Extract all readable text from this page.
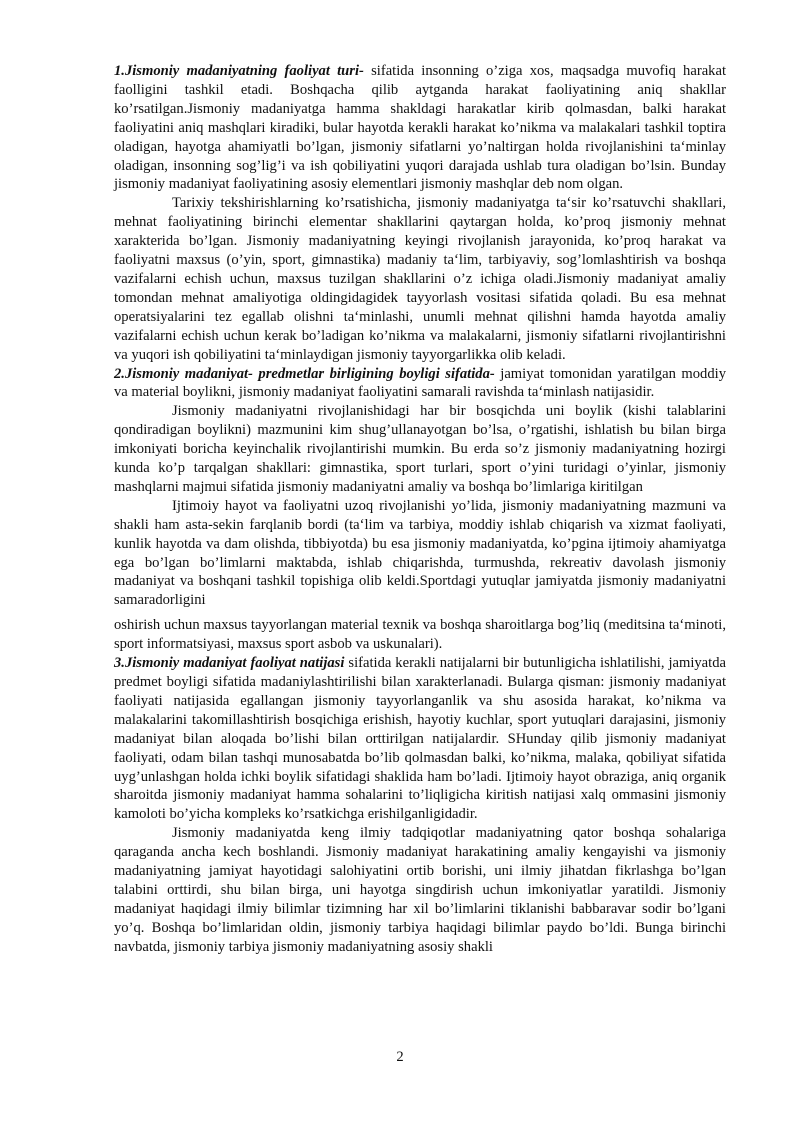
1.Jismoniy madaniyatning faoliyat turi- sifatida insonning o’ziga xos, maqsadga muvofiq harakat faolligini tashkil etadi. Boshqacha qilib aytganda harakat faoliyatining aniq shakllar ko’rsatilgan.Jismoniy madaniyatga hamma shakldagi harakatlar kirib qolmasdan, balki harakat faoliyatini aniq mashqlari kiradiki, bular hayotda kerakli harakat ko’nikma va malakalari tashkil toptira oladigan, hayotga ahamiyatli bo’lgan, jismoniy sifatlarni yo’naltirgan holda rivojlanishini ta‘minlay oladigan, insonning sog’lig’i va ish qobiliyatini yuqori darajada ushlab tura oladigan bo’lsin. Bunday jismoniy madaniyat faoliyatining asosiy elementlari jismoniy mashqlar deb nom olgan.

Tarixiy tekshirishlarning ko’rsatishicha, jismoniy madaniyatga ta‘sir ko’rsatuvchi shakllari, mehnat faoliyatining birinchi elementar shakllarini qaytargan holda, ko’proq jismoniy mehnat xarakterida bo’lgan. Jismoniy madaniyatning keyingi rivojlanish jarayonida, ko’proq harakat va faoliyatni maxsus (o’yin, sport, gimnastika) madaniy ta‘lim, tarbiyaviy, sog’lomlashtirish va boshqa vazifalarni echish uchun, maxsus tuzilgan shakllarini o’z ichiga oladi.Jismoniy madaniyat amaliy tomondan mehnat amaliyotiga oldingidagidek tayyorlash vositasi sifatida qoladi. Bu esa mehnat operatsiyalarini tez egallab olishni ta‘minlashi, unumli mehnat qilishni hamda hayotda amaliy vazifalarni echish uchun kerak bo’ladigan ko’nikma va malakalarni, jismoniy sifatlarni rivojlantirishni va yuqori ish qobiliyatini ta‘minlaydigan jismoniy tayyorgarlikka olib keladi.

2.Jismoniy madaniyat- predmetlar birligining boyligi sifatida- jamiyat tomonidan yaratilgan moddiy va material boylikni, jismoniy madaniyat faoliyatini samarali ravishda ta‘minlash natijasidir.

Jismoniy madaniyatni rivojlanishidagi har bir bosqichda uni boylik (kishi talablarini qondiradigan boylikni) mazmunini kim shug’ullanayotgan bo’lsa, o’rgatishi, ishlatish bu bilan birga imkoniyati boricha keyinchalik rivojlantirishi mumkin. Bu erda so’z jismoniy madaniyatning hozirgi kunda ko’p tarqalgan shakllari: gimnastika, sport turlari, sport o’yini turidagi o’yinlar, jismoniy mashqlarni majmui sifatida jismoniy madaniyatni amaliy va boshqa bo’limlariga kiritilgan

Ijtimoiy hayot va faoliyatni uzoq rivojlanishi yo’lida, jismoniy madaniyatning mazmuni va shakli ham asta-sekin farqlanib bordi (ta‘lim va tarbiya, moddiy ishlab chiqarish va xizmat faoliyati, kunlik hayotda va dam olishda, tibbiyotda) bu esa jismoniy madaniyatda, ko’pgina ijtimoiy ahamiyatga ega bo’lgan bo’limlarni maktabda, ishlab chiqarishda, turmushda, rekreativ davolash jismoniy madaniyat va boshqani tashkil topishiga olib keldi.Sportdagi yutuqlar jamiyatda jismoniy madaniyatni samaradorligini

oshirish uchun maxsus tayyorlangan material texnik va boshqa sharoitlarga bog’liq (meditsina ta‘minoti, sport informatsiyasi, maxsus sport asbob va uskunalari).

3.Jismoniy madaniyat faoliyat natijasi sifatida kerakli natijalarni bir butunligicha ishlatilishi, jamiyatda predmet boyligi sifatida madaniylashtirilishi bilan xarakterlanadi. Bularga qisman: jismoniy madaniyat faoliyati natijasida egallangan jismoniy tayyorlanganlik va shu asosida harakat, ko’nikma va malakalarini takomillashtirish bosqichiga erishish, hayotiy kuchlar, sport yutuqlari darajasini, jismoniy madaniyat bilan aloqada bo’lishi bilan orttirilgan natijalardir. SHunday qilib jismoniy madaniyat faoliyati, odam bilan tashqi munosabatda bo’lib qolmasdan balki, ko’nikma, malaka, qobiliyat sifatida uyg’unlashgan holda ichki boylik sifatidagi shaklida ham bo’ladi. Ijtimoiy hayot obraziga, aniq organik sharoitda jismoniy madaniyat hamma sohalarini to’liqligicha kiritish natijasi xalq ommasini jismoniy kamoloti bo’yicha kompleks ko’rsatkichga erishilganligidadir.

Jismoniy madaniyatda keng ilmiy tadqiqotlar madaniyatning qator boshqa sohalariga qaraganda ancha kech boshlandi. Jismoniy madaniyat harakatining amaliy kengayishi va jismoniy madaniyatning jamiyat hayotidagi salohiyatini ortib borishi, uni ilmiy jihatdan fikrlashga bo’lgan talabini orttirdi, shu bilan birga, uni hayotga singdirish uchun imkoniyatlar yaratildi. Jismoniy madaniyat haqidagi ilmiy bilimlar tizimning har xil bo’limlarini tiklanishi babbaravar sodir bo’lgani yo’q. Boshqa bo’limlaridan oldin, jismoniy tarbiya haqidagi bilimlar paydo bo’ldi. Bunga birinchi navbatda, jismoniy tarbiya jismoniy madaniyatning asosiy shakli

2
